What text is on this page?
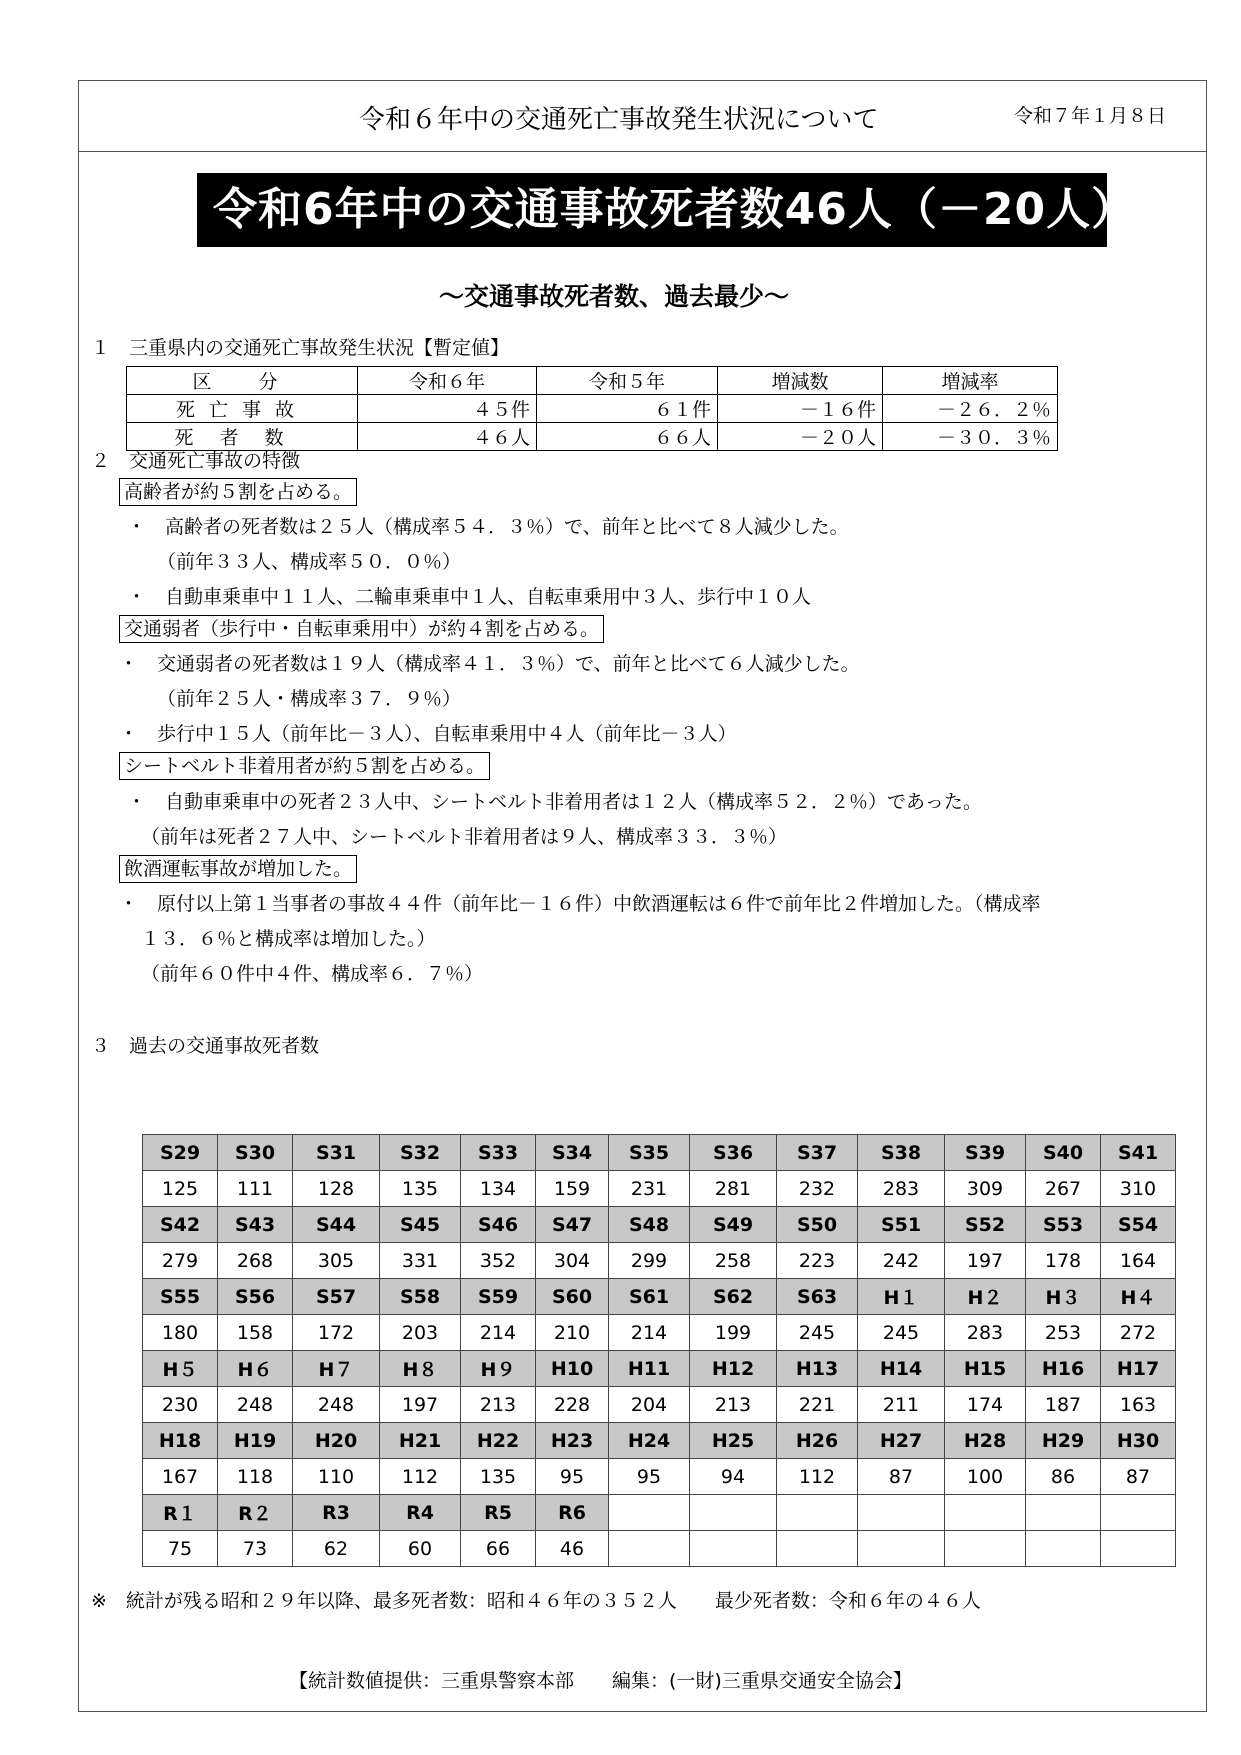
令和６年中の交通死亡事故発生状況について	令和７年１月８日
令和6年中の交通事故死者数46人（－20人）
～交通事故死者数、過去最少～
１　三重県内の交通死亡事故発生状況【暫定値】
区　分	令和６年	令和５年	増減数	増減率
死亡事故	４５件	６１件	－１６件	－２６．２％
死者数	４６人	６６人	－２０人	－３０．３％
２　交通死亡事故の特徴
高齢者が約５割を占める。
・　高齢者の死者数は２５人（構成率５４．３％）で、前年と比べて８人減少した。
（前年３３人、構成率５０．０％）
・　自動車乗車中１１人、二輪車乗車中１人、自転車乗用中３人、歩行中１０人
交通弱者（歩行中・自転車乗用中）が約４割を占める。
・　交通弱者の死者数は１９人（構成率４１．３％）で、前年と比べて６人減少した。
（前年２５人・構成率３７．９％）
・　歩行中１５人（前年比－３人）、自転車乗用中４人（前年比－３人）
シートベルト非着用者が約５割を占める。
・　自動車乗車中の死者２３人中、シートベルト非着用者は１２人（構成率５２．２％）であった。
（前年は死者２７人中、シートベルト非着用者は９人、構成率３３．３％）
飲酒運転事故が増加した。
・　原付以上第１当事者の事故４４件（前年比－１６件）中飲酒運転は６件で前年比２件増加した。（構成率
１３．６％と構成率は増加した。）
（前年６０件中４件、構成率６．７％）
３　過去の交通事故死者数
S29	S30	S31	S32	S33	S34	S35	S36	S37	S38	S39	S40	S41
125	111	128	135	134	159	231	281	232	283	309	267	310
S42	S43	S44	S45	S46	S47	S48	S49	S50	S51	S52	S53	S54
279	268	305	331	352	304	299	258	223	242	197	178	164
S55	S56	S57	S58	S59	S60	S61	S62	S63	H１	H２	H３	H４
180	158	172	203	214	210	214	199	245	245	283	253	272
H５	H６	H７	H８	H９	H10	H11	H12	H13	H14	H15	H16	H17
230	248	248	197	213	228	204	213	221	211	174	187	163
H18	H19	H20	H21	H22	H23	H24	H25	H26	H27	H28	H29	H30
167	118	110	112	135	95	95	94	112	87	100	86	87
R１	R２	R3	R4	R5	R6							
75	73	62	60	66	46							
※　統計が残る昭和２９年以降、最多死者数：昭和４６年の３５２人　　最少死者数：令和６年の４６人
【統計数値提供：三重県警察本部　　編集：(一財)三重県交通安全協会】
